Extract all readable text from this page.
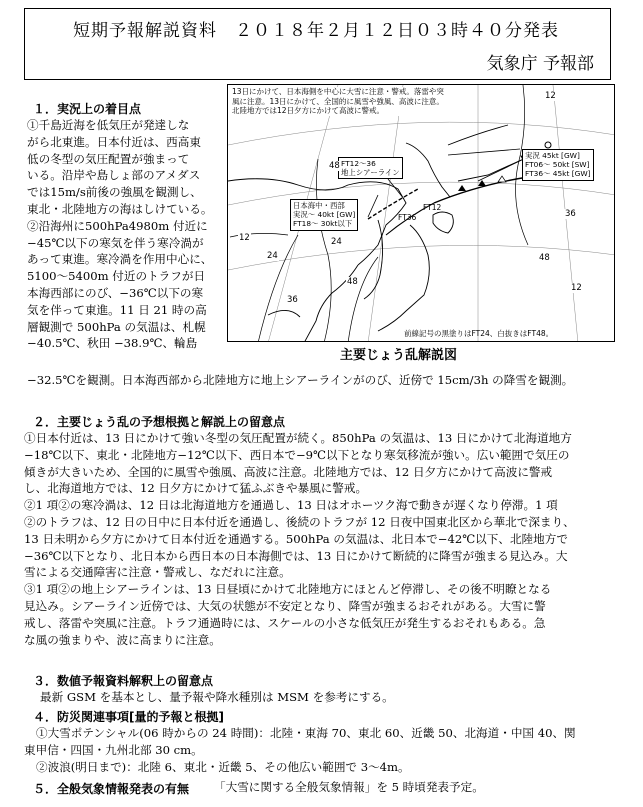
短期予報解説資料　２０１８年２月１２日０３時４０分発表
気象庁 予報部
１．実況上の着目点
①千島近海を低気圧が発達しな
がら北東進。日本付近は、西高東
低の冬型の気圧配置が強まって
いる。沿岸や島しょ部のアメダス
では15m/s前後の強風を観測し、
東北・北陸地方の海はしけている。
②沿海州に500hPa4980m 付近に
−45℃以下の寒気を伴う寒冷渦が
あって東進。寒冷渦を作用中心に、
5100〜5400m 付近のトラフが日
本海西部にのび、−36℃以下の寒
気を伴って東進。11 日 21 時の高
層観測で 500hPa の気温は、札幌
−40.5℃、秋田 −38.9℃、輪島
−32.5℃を観測。日本海西部から北陸地方に地上シアーラインがのび、近傍で 15cm/3h の降雪を観測。
13日にかけて、日本海側を中心に大雪に注意・警戒。落雷や突風に注意。13日にかけて、全国的に風雪や強風、高波に注意。北陸地方では12日夕方にかけて高波に警戒。
実況 45kt [GW]
FT06〜 50kt [SW]
FT36〜 45kt [GW]
FT12〜36
地上シアーライン
日本海中・西部
実況〜 40kt [GW]
FT18〜 30kt以下
FT12
FT36
12
24
36
48
48
12	24
36
48
12
前線記号の黒塗りはFT24、白抜きはFT48。
主要じょう乱解説図
２．主要じょう乱の予想根拠と解説上の留意点
①日本付近は、13 日にかけて強い冬型の気圧配置が続く。850hPa の気温は、13 日にかけて北海道地方
−18℃以下、東北・北陸地方−12℃以下、西日本で−9℃以下となり寒気移流が強い。広い範囲で気圧の
傾きが大きいため、全国的に風雪や強風、高波に注意。北陸地方では、12 日夕方にかけて高波に警戒
し、北海道地方では、12 日夕方にかけて猛ふぶきや暴風に警戒。
②1 項②の寒冷渦は、12 日は北海道地方を通過し、13 日はオホーツク海で動きが遅くなり停滞。1 項
②のトラフは、12 日の日中に日本付近を通過し、後続のトラフが 12 日夜中国東北区から華北で深まり、
13 日未明から夕方にかけて日本付近を通過する。500hPa の気温は、北日本で−42℃以下、北陸地方で
−36℃以下となり、北日本から西日本の日本海側では、13 日にかけて断続的に降雪が強まる見込み。大
雪による交通障害に注意・警戒し、なだれに注意。
③1 項②の地上シアーラインは、13 日昼頃にかけて北陸地方にほとんど停滞し、その後不明瞭となる
見込み。シアーライン近傍では、大気の状態が不安定となり、降雪が強まるおそれがある。大雪に警
戒し、落雷や突風に注意。トラフ通過時には、スケールの小さな低気圧が発生するおそれもある。急
な風の強まりや、波に高まりに注意。
３．数値予報資料解釈上の留意点
最新 GSM を基本とし、量予報や降水種別は MSM を参考にする。
４．防災関連事項[量的予報と根拠]
①大雪ポテンシャル(06 時からの 24 時間)：北陸・東海 70、東北 60、近畿 50、北海道・中国 40、関
東甲信・四国・九州北部 30 cm。
②波浪(明日まで)：北陸 6、東北・近畿 5、その他広い範囲で 3〜4m。
５．全般気象情報発表の有無 「大雪に関する全般気象情報」を 5 時頃発表予定。
